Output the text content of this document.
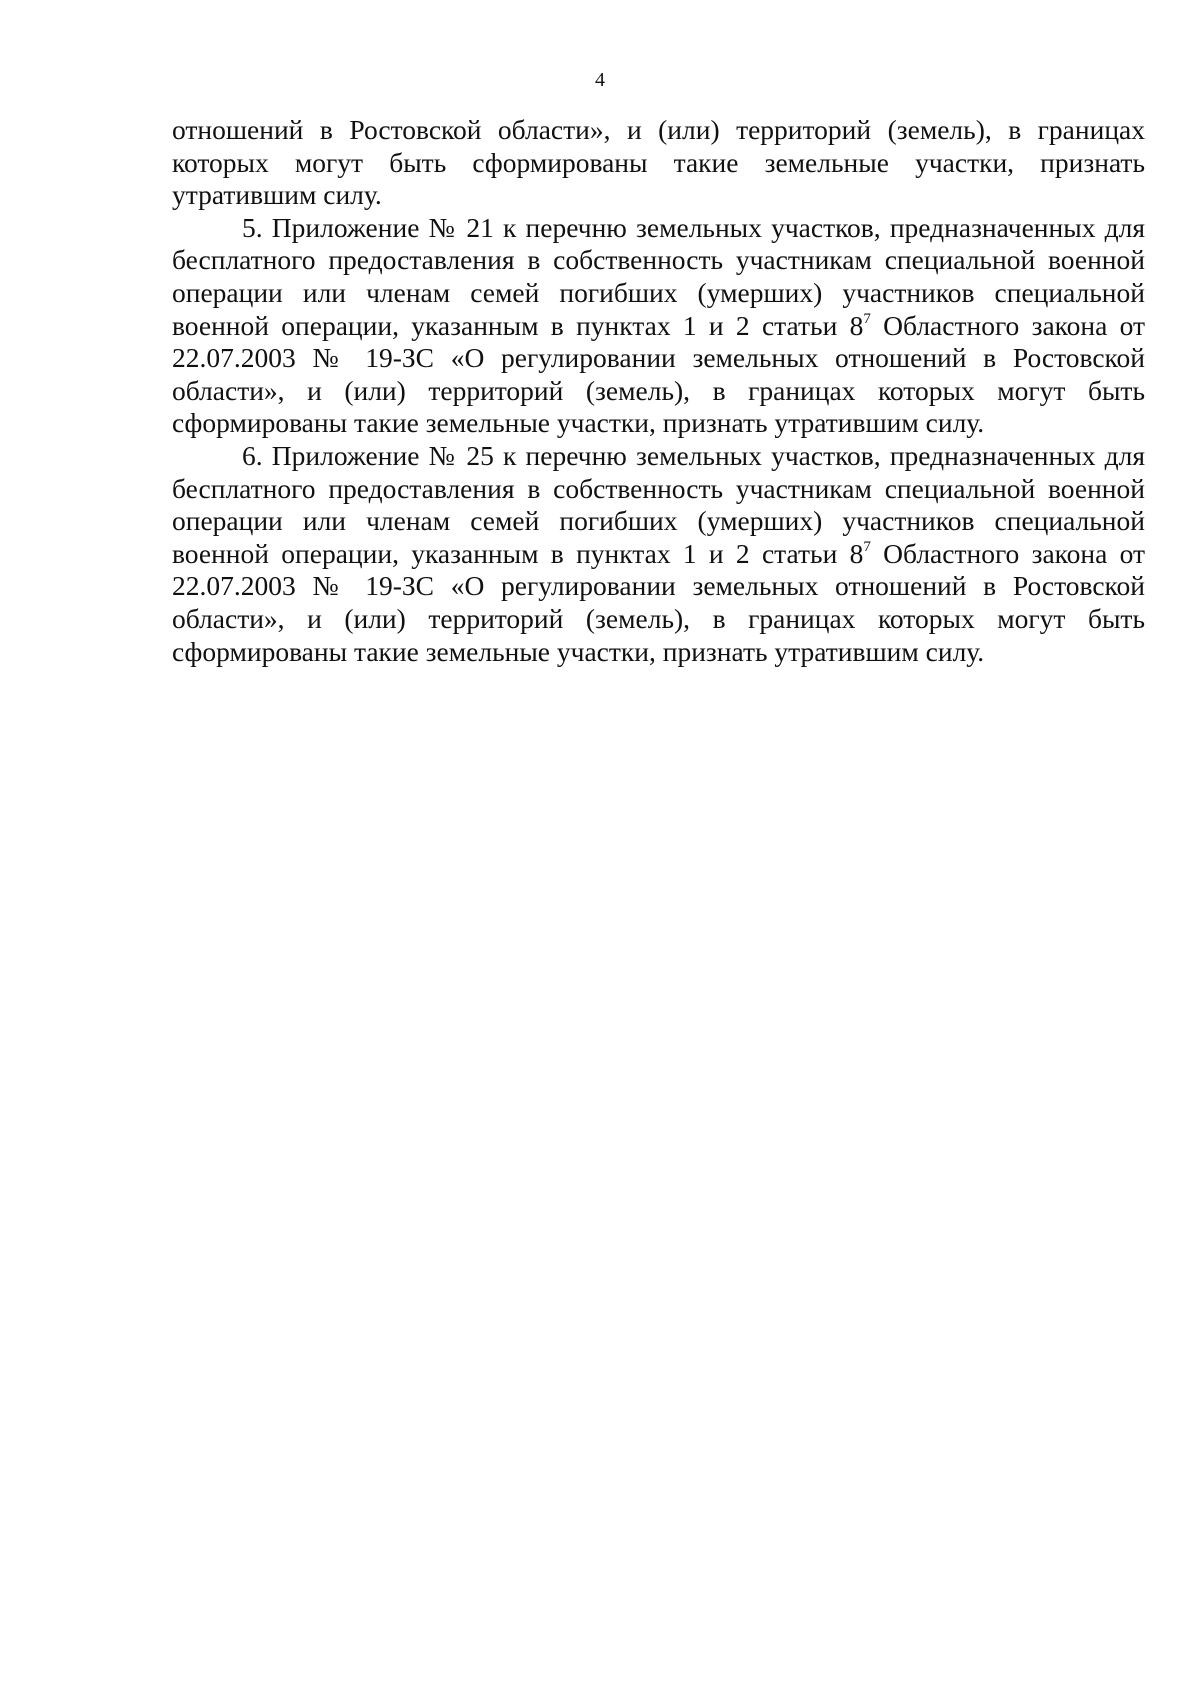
4

отношений в Ростовской области», и (или) территорий (земель), в границах которых могут быть сформированы такие земельные участки, признать утратившим силу.

5. Приложение № 21 к перечню земельных участков, предназначенных для бесплатного предоставления в собственность участникам специальной военной операции или членам семей погибших (умерших) участников специальной военной операции, указанным в пунктах 1 и 2 статьи $8^7$ Областного закона от 22.07.2003 № 19-ЗС «О регулировании земельных отношений в Ростовской области», и (или) территорий (земель), в границах которых могут быть сформированы такие земельные участки, признать утратившим силу.

6. Приложение № 25 к перечню земельных участков, предназначенных для бесплатного предоставления в собственность участникам специальной военной операции или членам семей погибших (умерших) участников специальной военной операции, указанным в пунктах 1 и 2 статьи $8^7$ Областного закона от 22.07.2003 № 19-ЗС «О регулировании земельных отношений в Ростовской области», и (или) территорий (земель), в границах которых могут быть сформированы такие земельные участки, признать утратившим силу.
